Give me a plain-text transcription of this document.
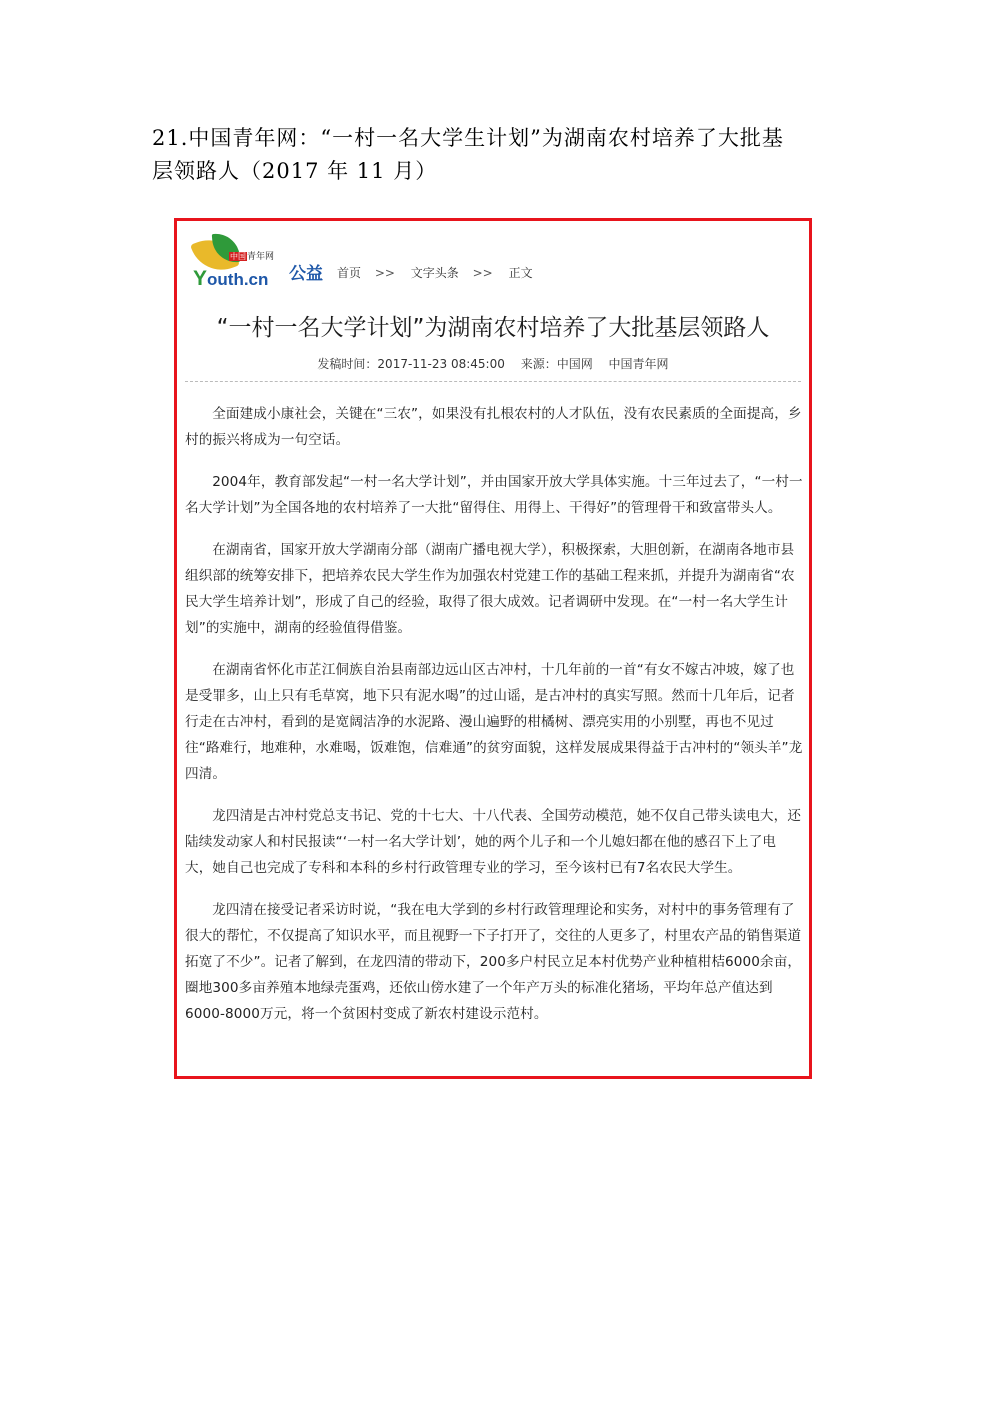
21.中国青年网：“一村一名大学生计划”为湖南农村培养了大批基
层领路人（2017 年 11 月）
中国青年网
Youth.cn 公益 首页 >> 文字头条 >> 正文
“一村一名大学计划”为湖南农村培养了大批基层领路人
发稿时间：2017-11-23 08:45:00 来源：中国网 中国青年网

全面建成小康社会，关键在“三农”，如果没有扎根农村的人才队伍，没有农民素质的全面提高，乡村的振兴将成为一句空话。

2004年，教育部发起“一村一名大学计划”，并由国家开放大学具体实施。十三年过去了，“一村一名大学计划”为全国各地的农村培养了一大批“留得住、用得上、干得好”的管理骨干和致富带头人。

在湖南省，国家开放大学湖南分部（湖南广播电视大学），积极探索，大胆创新，在湖南各地市县组织部的统筹安排下，把培养农民大学生作为加强农村党建工作的基础工程来抓，并提升为湖南省“农民大学生培养计划”，形成了自己的经验，取得了很大成效。记者调研中发现。在“一村一名大学生计划”的实施中，湖南的经验值得借鉴。

在湖南省怀化市芷江侗族自治县南部边远山区古冲村，十几年前的一首“有女不嫁古冲坡，嫁了也是受罪多，山上只有毛草窝，地下只有泥水喝”的过山谣，是古冲村的真实写照。然而十几年后，记者行走在古冲村，看到的是宽阔洁净的水泥路、漫山遍野的柑橘树、漂亮实用的小别墅，再也不见过往“路难行，地难种，水难喝，饭难饱，信难通”的贫穷面貌，这样发展成果得益于古冲村的“领头羊”龙四清。

龙四清是古冲村党总支书记、党的十七大、十八代表、全国劳动模范，她不仅自己带头读电大，还陆续发动家人和村民报读“‘一村一名大学计划’，她的两个儿子和一个儿媳妇都在他的感召下上了电大，她自己也完成了专科和本科的乡村行政管理专业的学习，至今该村已有7名农民大学生。

龙四清在接受记者采访时说，“我在电大学到的乡村行政管理理论和实务，对村中的事务管理有了很大的帮忙，不仅提高了知识水平，而且视野一下子打开了，交往的人更多了，村里农产品的销售渠道拓宽了不少”。记者了解到，在龙四清的带动下，200多户村民立足本村优势产业种植柑桔6000余亩，圈地300多亩养殖本地绿壳蛋鸡，还依山傍水建了一个年产万头的标准化猪场，平均年总产值达到6000-8000万元，将一个贫困村变成了新农村建设示范村。
